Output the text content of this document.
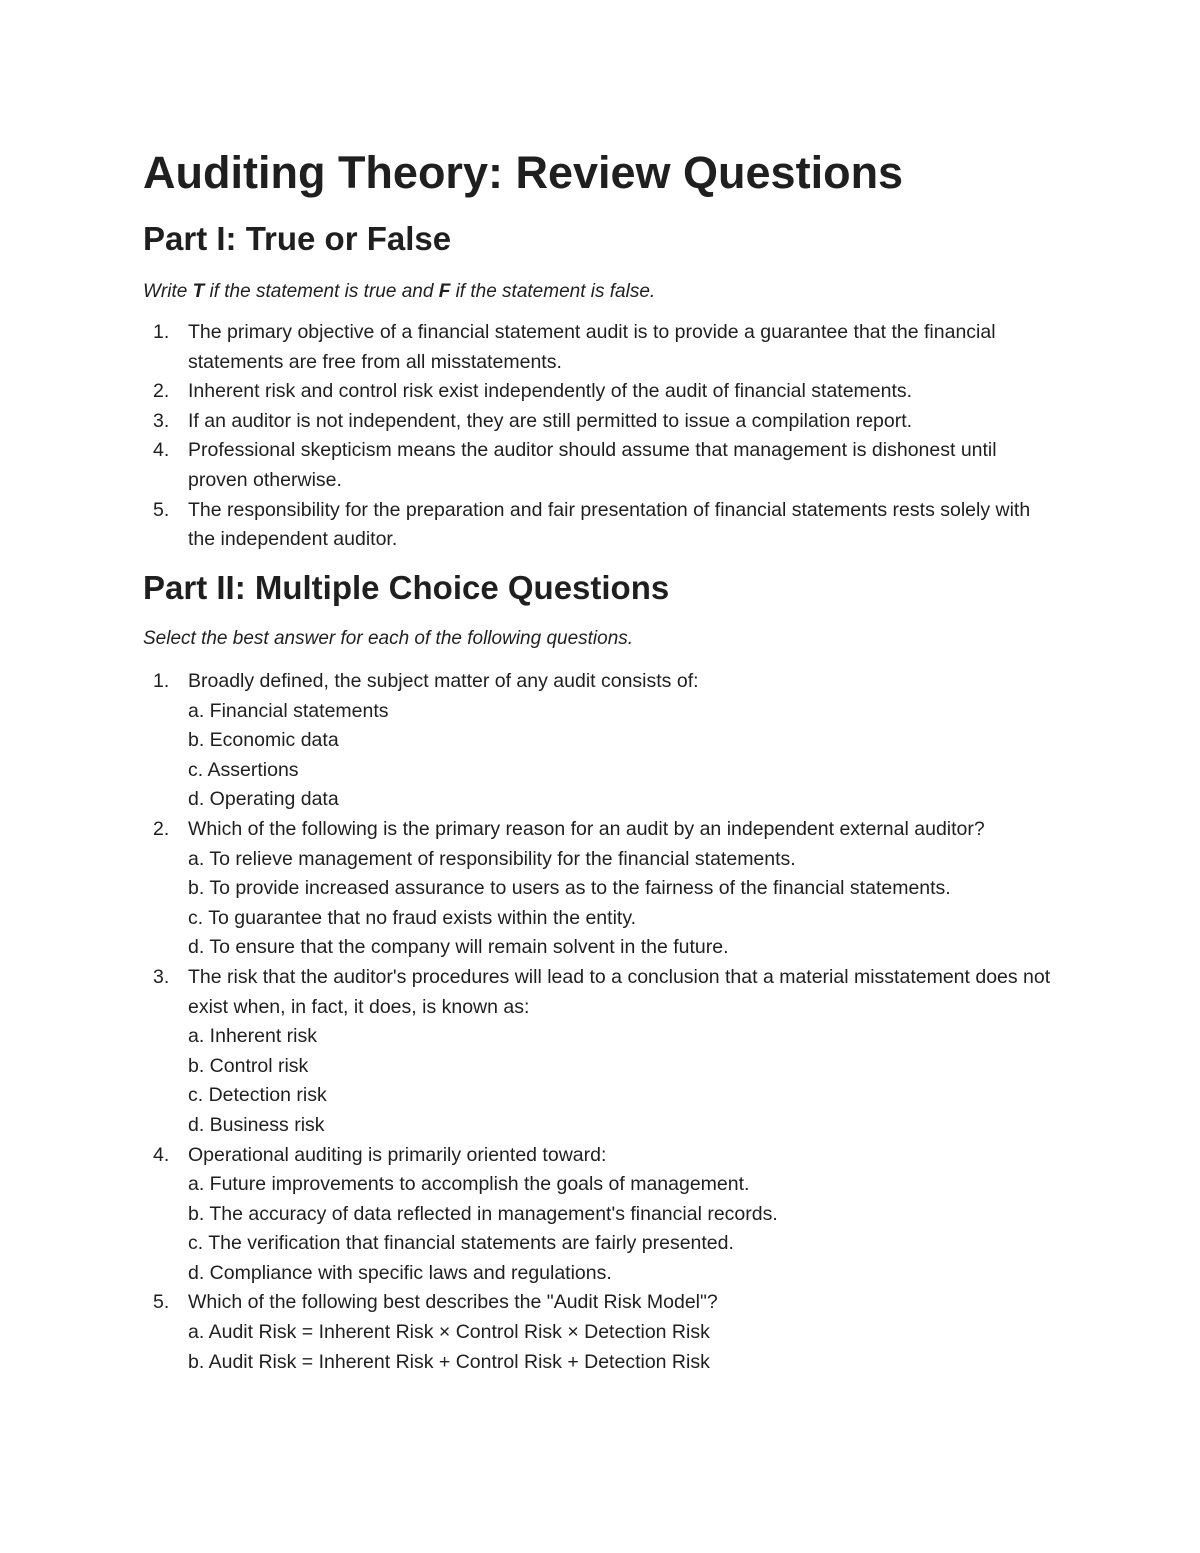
Auditing Theory: Review Questions
Part I: True or False

Write T if the statement is true and F if the statement is false.

1. The primary objective of a financial statement audit is to provide a guarantee that the financial statements are free from all misstatements.
2. Inherent risk and control risk exist independently of the audit of financial statements.
3. If an auditor is not independent, they are still permitted to issue a compilation report.
4. Professional skepticism means the auditor should assume that management is dishonest until proven otherwise.
5. The responsibility for the preparation and fair presentation of financial statements rests solely with the independent auditor.
Part II: Multiple Choice Questions

Select the best answer for each of the following questions.

1. Broadly defined, the subject matter of any audit consists of:
a. Financial statements
b. Economic data
c. Assertions
d. Operating data
2. Which of the following is the primary reason for an audit by an independent external auditor?
a. To relieve management of responsibility for the financial statements.
b. To provide increased assurance to users as to the fairness of the financial statements.
c. To guarantee that no fraud exists within the entity.
d. To ensure that the company will remain solvent in the future.
3. The risk that the auditor's procedures will lead to a conclusion that a material misstatement does not exist when, in fact, it does, is known as:
a. Inherent risk
b. Control risk
c. Detection risk
d. Business risk
4. Operational auditing is primarily oriented toward:
a. Future improvements to accomplish the goals of management.
b. The accuracy of data reflected in management's financial records.
c. The verification that financial statements are fairly presented.
d. Compliance with specific laws and regulations.
5. Which of the following best describes the "Audit Risk Model"?
a. Audit Risk = Inherent Risk × Control Risk × Detection Risk
b. Audit Risk = Inherent Risk + Control Risk + Detection Risk
